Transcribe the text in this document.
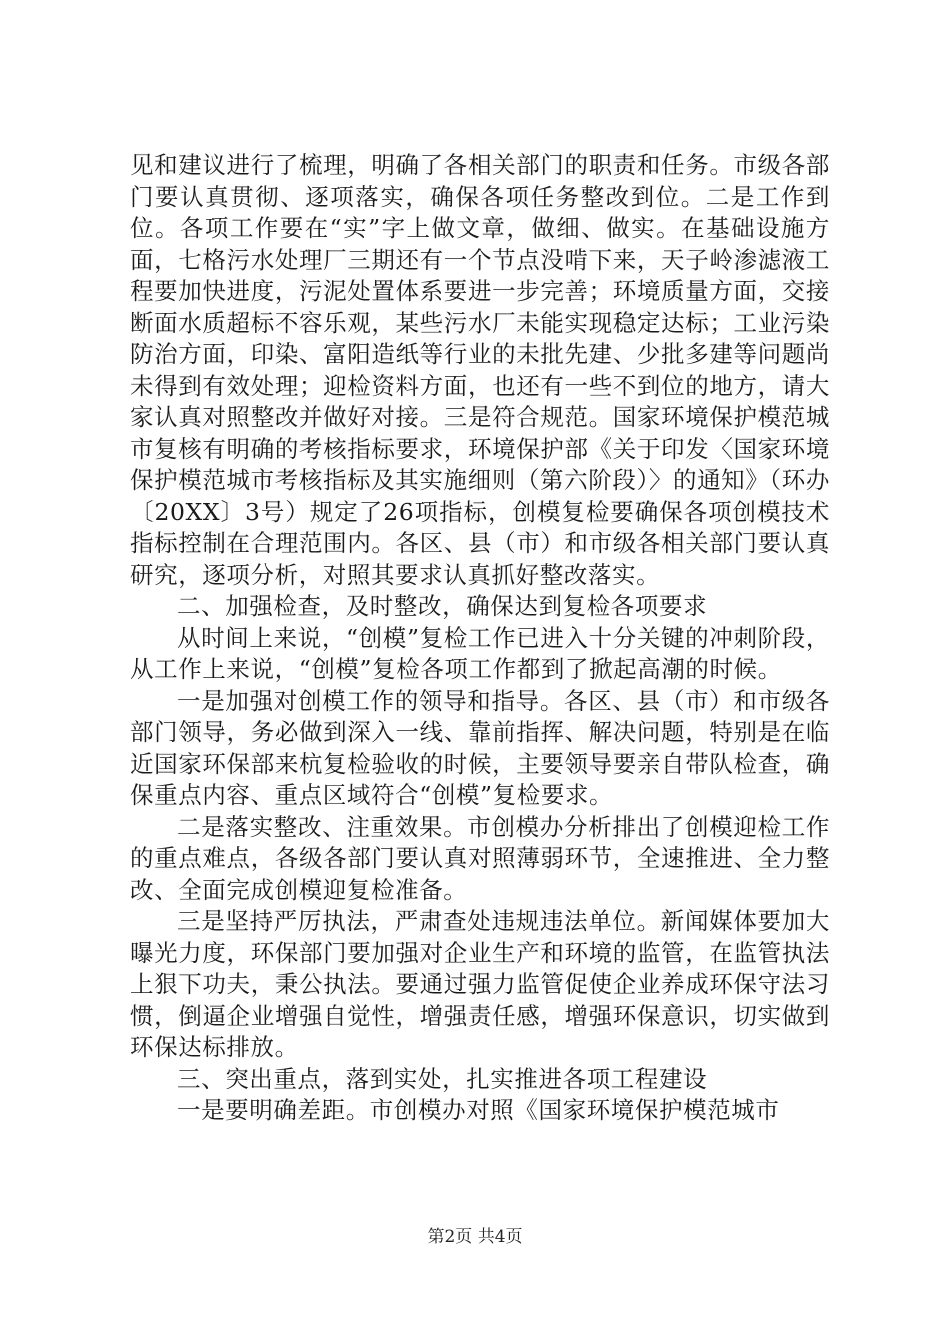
见和建议进行了梳理，明确了各相关部门的职责和任务。市级各部门要认真贯彻、逐项落实，确保各项任务整改到位。二是工作到位。各项工作要在“实”字上做文章，做细、做实。在基础设施方面，七格污水处理厂三期还有一个节点没啃下来，天子岭渗滤液工程要加快进度，污泥处置体系要进一步完善；环境质量方面，交接断面水质超标不容乐观，某些污水厂未能实现稳定达标；工业污染防治方面，印染、富阳造纸等行业的未批先建、少批多建等问题尚未得到有效处理；迎检资料方面，也还有一些不到位的地方，请大家认真对照整改并做好对接。三是符合规范。国家环境保护模范城市复核有明确的考核指标要求，环境保护部《关于印发〈国家环境保护模范城市考核指标及其实施细则（第六阶段）〉的通知》（环办〔20XX〕3号）规定了26项指标，创模复检要确保各项创模技术指标控制在合理范围内。各区、县（市）和市级各相关部门要认真研究，逐项分析，对照其要求认真抓好整改落实。

二、加强检查，及时整改，确保达到复检各项要求

从时间上来说，“创模”复检工作已进入十分关键的冲刺阶段，从工作上来说，“创模”复检各项工作都到了掀起高潮的时候。

一是加强对创模工作的领导和指导。各区、县（市）和市级各部门领导，务必做到深入一线、靠前指挥、解决问题，特别是在临近国家环保部来杭复检验收的时候，主要领导要亲自带队检查，确保重点内容、重点区域符合“创模”复检要求。

二是落实整改、注重效果。市创模办分析排出了创模迎检工作的重点难点，各级各部门要认真对照薄弱环节，全速推进、全力整改、全面完成创模迎复检准备。

三是坚持严厉执法，严肃查处违规违法单位。新闻媒体要加大曝光力度，环保部门要加强对企业生产和环境的监管，在监管执法上狠下功夫，秉公执法。要通过强力监管促使企业养成环保守法习惯，倒逼企业增强自觉性，增强责任感，增强环保意识，切实做到环保达标排放。

三、突出重点，落到实处，扎实推进各项工程建设

一是要明确差距。市创模办对照《国家环境保护模范城市

第2页 共4页
